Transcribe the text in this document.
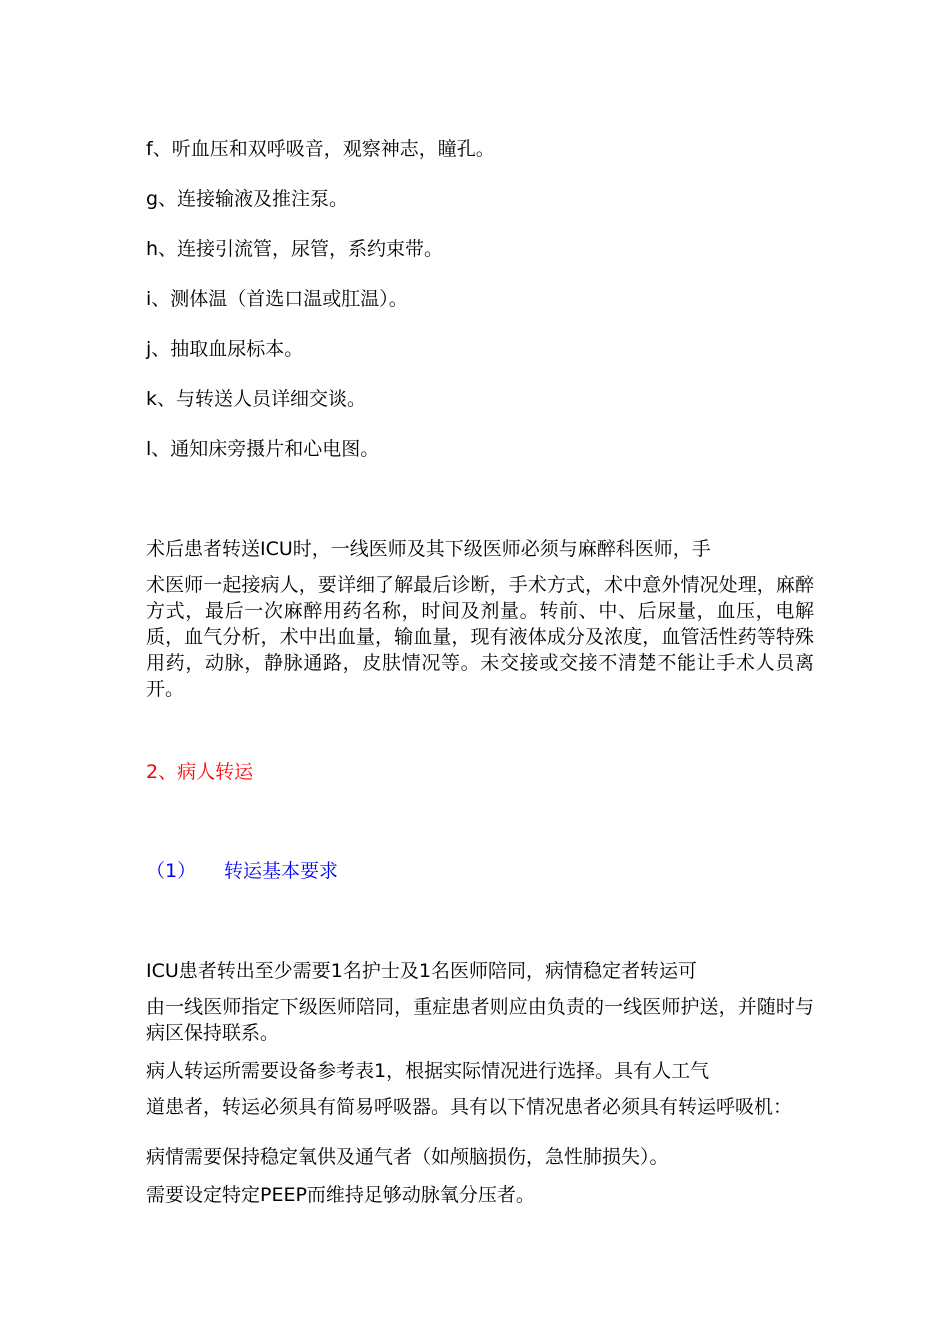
f、听血压和双呼吸音，观察神志，瞳孔。
g、连接输液及推注泵。
h、连接引流管，尿管，系约束带。
i、测体温（首选口温或肛温）。
j、抽取血尿标本。
k、与转送人员详细交谈。
l、通知床旁摄片和心电图。
术后患者转送ICU时，一线医师及其下级医师必须与麻醉科医师，手
术医师一起接病人，要详细了解最后诊断，手术方式，术中意外情况处理，麻醉方式，最后一次麻醉用药名称，时间及剂量。转前、中、后尿量，血压，电解质，血气分析，术中出血量，输血量，现有液体成分及浓度，血管活性药等特殊用药，动脉，静脉通路，皮肤情况等。未交接或交接不清楚不能让手术人员离开。
2、病人转运
（1） 转运基本要求
ICU患者转出至少需要1名护士及1名医师陪同，病情稳定者转运可
由一线医师指定下级医师陪同，重症患者则应由负责的一线医师护送，并随时与病区保持联系。
病人转运所需要设备参考表1，根据实际情况进行选择。具有人工气
道患者，转运必须具有简易呼吸器。具有以下情况患者必须具有转运呼吸机：
病情需要保持稳定氧供及通气者（如颅脑损伤，急性肺损失）。
需要设定特定PEEP而维持足够动脉氧分压者。
